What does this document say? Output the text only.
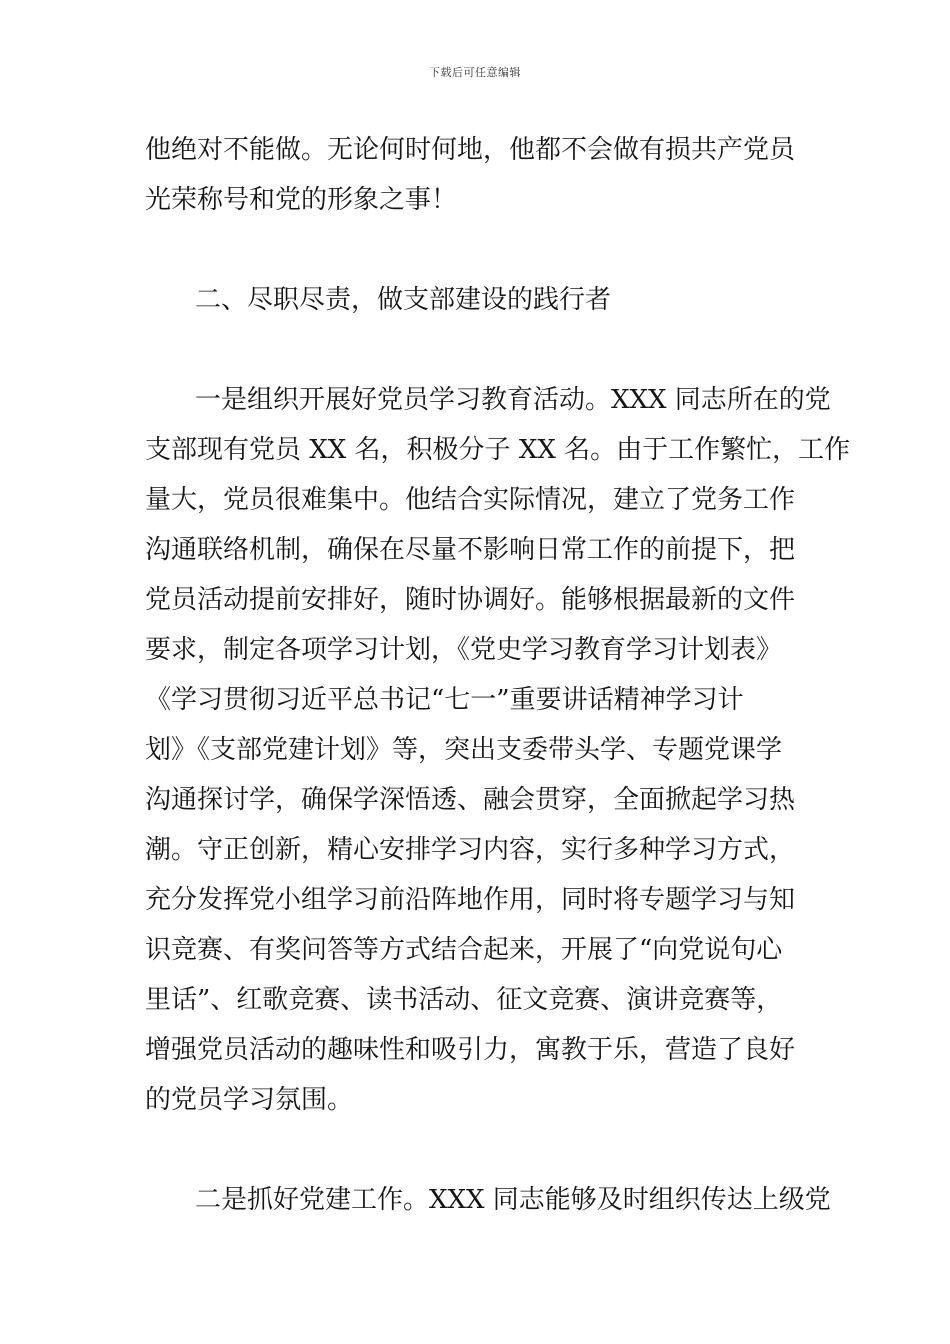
下载后可任意编辑
他绝对不能做。无论何时何地，他都不会做有损共产党员
光荣称号和党的形象之事！
二、尽职尽责，做支部建设的践行者
一是组织开展好党员学习教育活动。XXX 同志所在的党
支部现有党员 XX 名，积极分子 XX 名。由于工作繁忙，工作
量大，党员很难集中。他结合实际情况，建立了党务工作
沟通联络机制，确保在尽量不影响日常工作的前提下，把
党员活动提前安排好，随时协调好。能够根据最新的文件
要求，制定各项学习计划，《党史学习教育学习计划表》
《学习贯彻习近平总书记“七一”重要讲话精神学习计
划》《支部党建计划》等，突出支委带头学、专题党课学
沟通探讨学，确保学深悟透、融会贯穿，全面掀起学习热
潮。守正创新，精心安排学习内容，实行多种学习方式，
充分发挥党小组学习前沿阵地作用，同时将专题学习与知
识竞赛、有奖问答等方式结合起来，开展了“向党说句心
里话”、红歌竞赛、读书活动、征文竞赛、演讲竞赛等，
增强党员活动的趣味性和吸引力，寓教于乐，营造了良好
的党员学习氛围。
二是抓好党建工作。XXX 同志能够及时组织传达上级党
